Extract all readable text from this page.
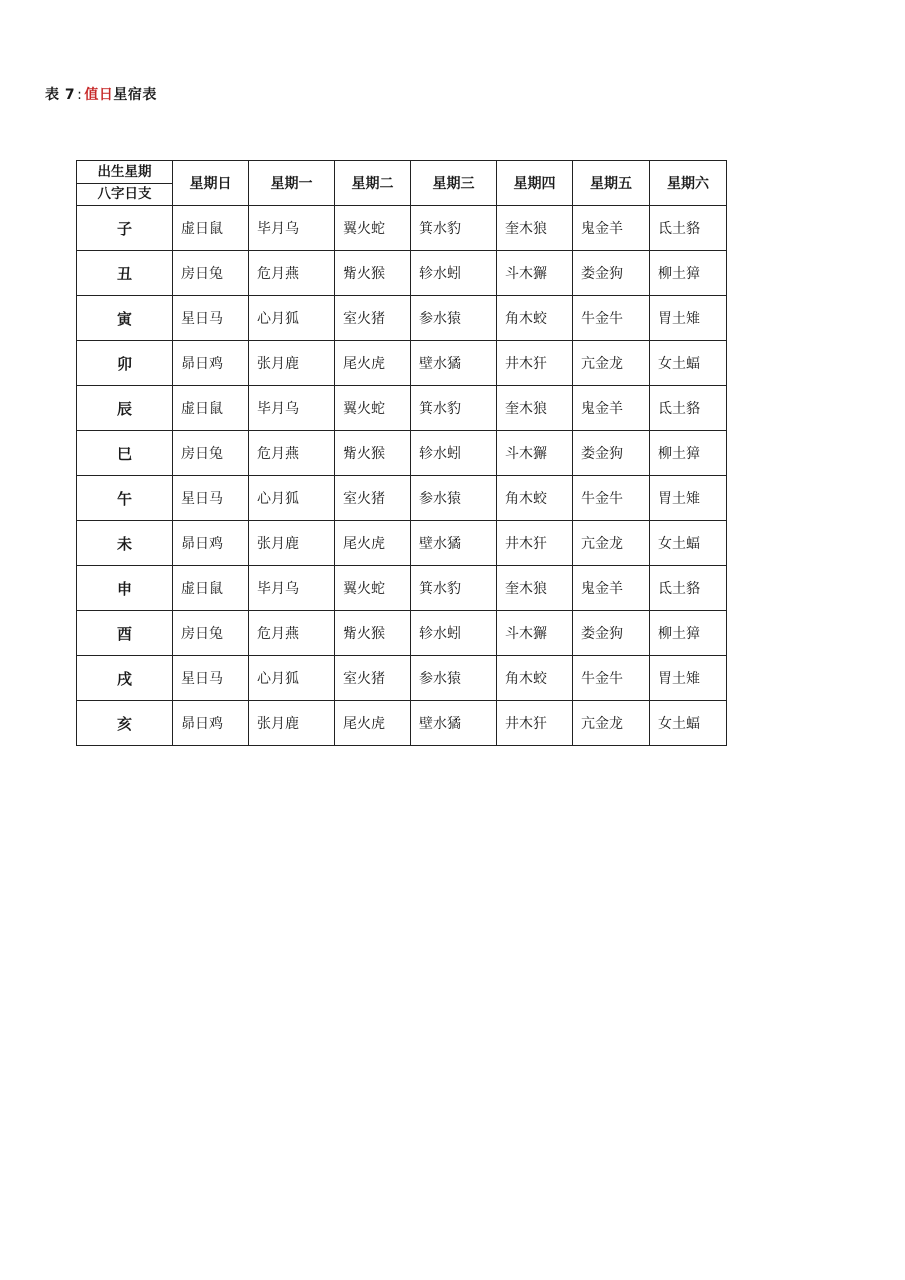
表 7 : 值日星宿表
出生星期
八字日支	星期日	星期一	星期二	星期三	星期四	星期五	星期六
子	虚日鼠	毕月乌	翼火蛇	箕水豹	奎木狼	鬼金羊	氐土貉
丑	房日兔	危月燕	觜火猴	轸水蚓	斗木獬	娄金狗	柳土獐
寅	星日马	心月狐	室火猪	参水猿	角木蛟	牛金牛	胃土雉
卯	昴日鸡	张月鹿	尾火虎	壁水獝	井木犴	亢金龙	女土蝠
辰	虚日鼠	毕月乌	翼火蛇	箕水豹	奎木狼	鬼金羊	氐土貉
巳	房日兔	危月燕	觜火猴	轸水蚓	斗木獬	娄金狗	柳土獐
午	星日马	心月狐	室火猪	参水猿	角木蛟	牛金牛	胃土雉
未	昴日鸡	张月鹿	尾火虎	壁水獝	井木犴	亢金龙	女土蝠
申	虚日鼠	毕月乌	翼火蛇	箕水豹	奎木狼	鬼金羊	氐土貉
酉	房日兔	危月燕	觜火猴	轸水蚓	斗木獬	娄金狗	柳土獐
戌	星日马	心月狐	室火猪	参水猿	角木蛟	牛金牛	胃土雉
亥	昴日鸡	张月鹿	尾火虎	壁水獝	井木犴	亢金龙	女土蝠
